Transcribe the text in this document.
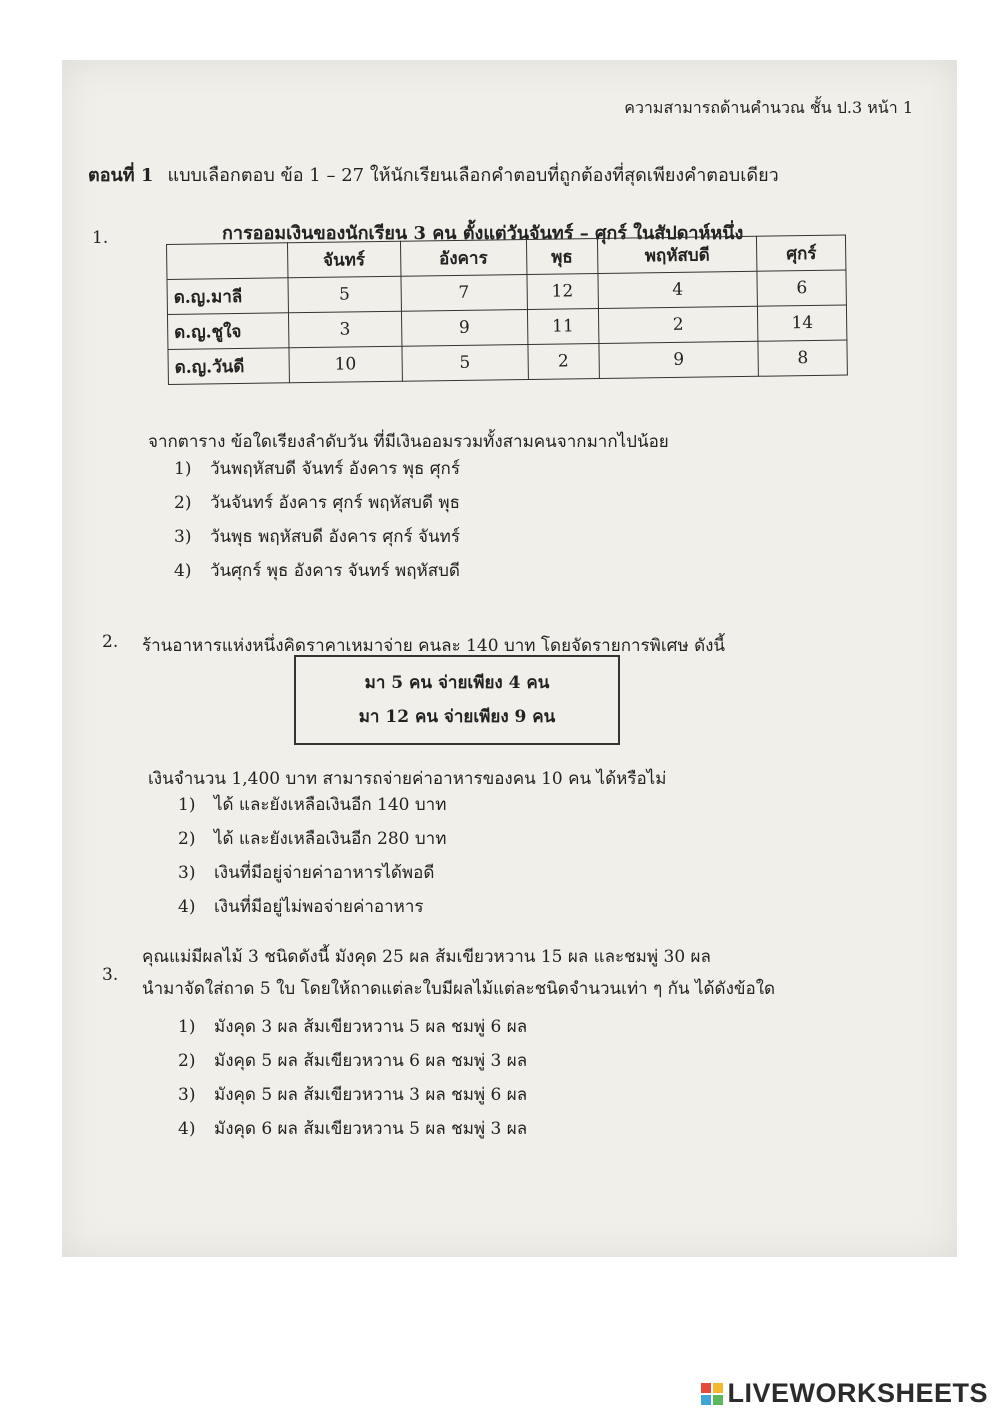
ความสามารถด้านคำนวณ ชั้น ป.3 หน้า 1
ตอนที่ 1 แบบเลือกตอบ ข้อ 1 – 27 ให้นักเรียนเลือกคำตอบที่ถูกต้องที่สุดเพียงคำตอบเดียว
1.	การออมเงินของนักเรียน 3 คน ตั้งแต่วันจันทร์ – ศุกร์ ในสัปดาห์หนึ่ง
	จันทร์	อังคาร	พุธ	พฤหัสบดี	ศุกร์
ด.ญ.มาลี	5	7	12	4	6
ด.ญ.ชูใจ	3	9	11	2	14
ด.ญ.วันดี	10	5	2	9	8
จากตาราง ข้อใดเรียงลำดับวัน ที่มีเงินออมรวมทั้งสามคนจากมากไปน้อย
1) วันพฤหัสบดี จันทร์ อังคาร พุธ ศุกร์
2) วันจันทร์ อังคาร ศุกร์ พฤหัสบดี พุธ
3) วันพุธ พฤหัสบดี อังคาร ศุกร์ จันทร์
4) วันศุกร์ พุธ อังคาร จันทร์ พฤหัสบดี
2. ร้านอาหารแห่งหนึ่งคิดราคาเหมาจ่าย คนละ 140 บาท โดยจัดรายการพิเศษ ดังนี้
มา 5 คน จ่ายเพียง 4 คน
มา 12 คน จ่ายเพียง 9 คน
เงินจำนวน 1,400 บาท สามารถจ่ายค่าอาหารของคน 10 คน ได้หรือไม่
1) ได้ และยังเหลือเงินอีก 140 บาท
2) ได้ และยังเหลือเงินอีก 280 บาท
3) เงินที่มีอยู่จ่ายค่าอาหารได้พอดี
4) เงินที่มีอยู่ไม่พอจ่ายค่าอาหาร
3.
คุณแม่มีผลไม้ 3 ชนิดดังนี้ มังคุด 25 ผล ส้มเขียวหวาน 15 ผล และชมพู่ 30 ผล
นำมาจัดใส่ถาด 5 ใบ โดยให้ถาดแต่ละใบมีผลไม้แต่ละชนิดจำนวนเท่า ๆ กัน ได้ดังข้อใด
1) มังคุด 3 ผล ส้มเขียวหวาน 5 ผล ชมพู่ 6 ผล
2) มังคุด 5 ผล ส้มเขียวหวาน 6 ผล ชมพู่ 3 ผล
3) มังคุด 5 ผล ส้มเขียวหวาน 3 ผล ชมพู่ 6 ผล
4) มังคุด 6 ผล ส้มเขียวหวาน 5 ผล ชมพู่ 3 ผล
LIVEWORKSHEETS
